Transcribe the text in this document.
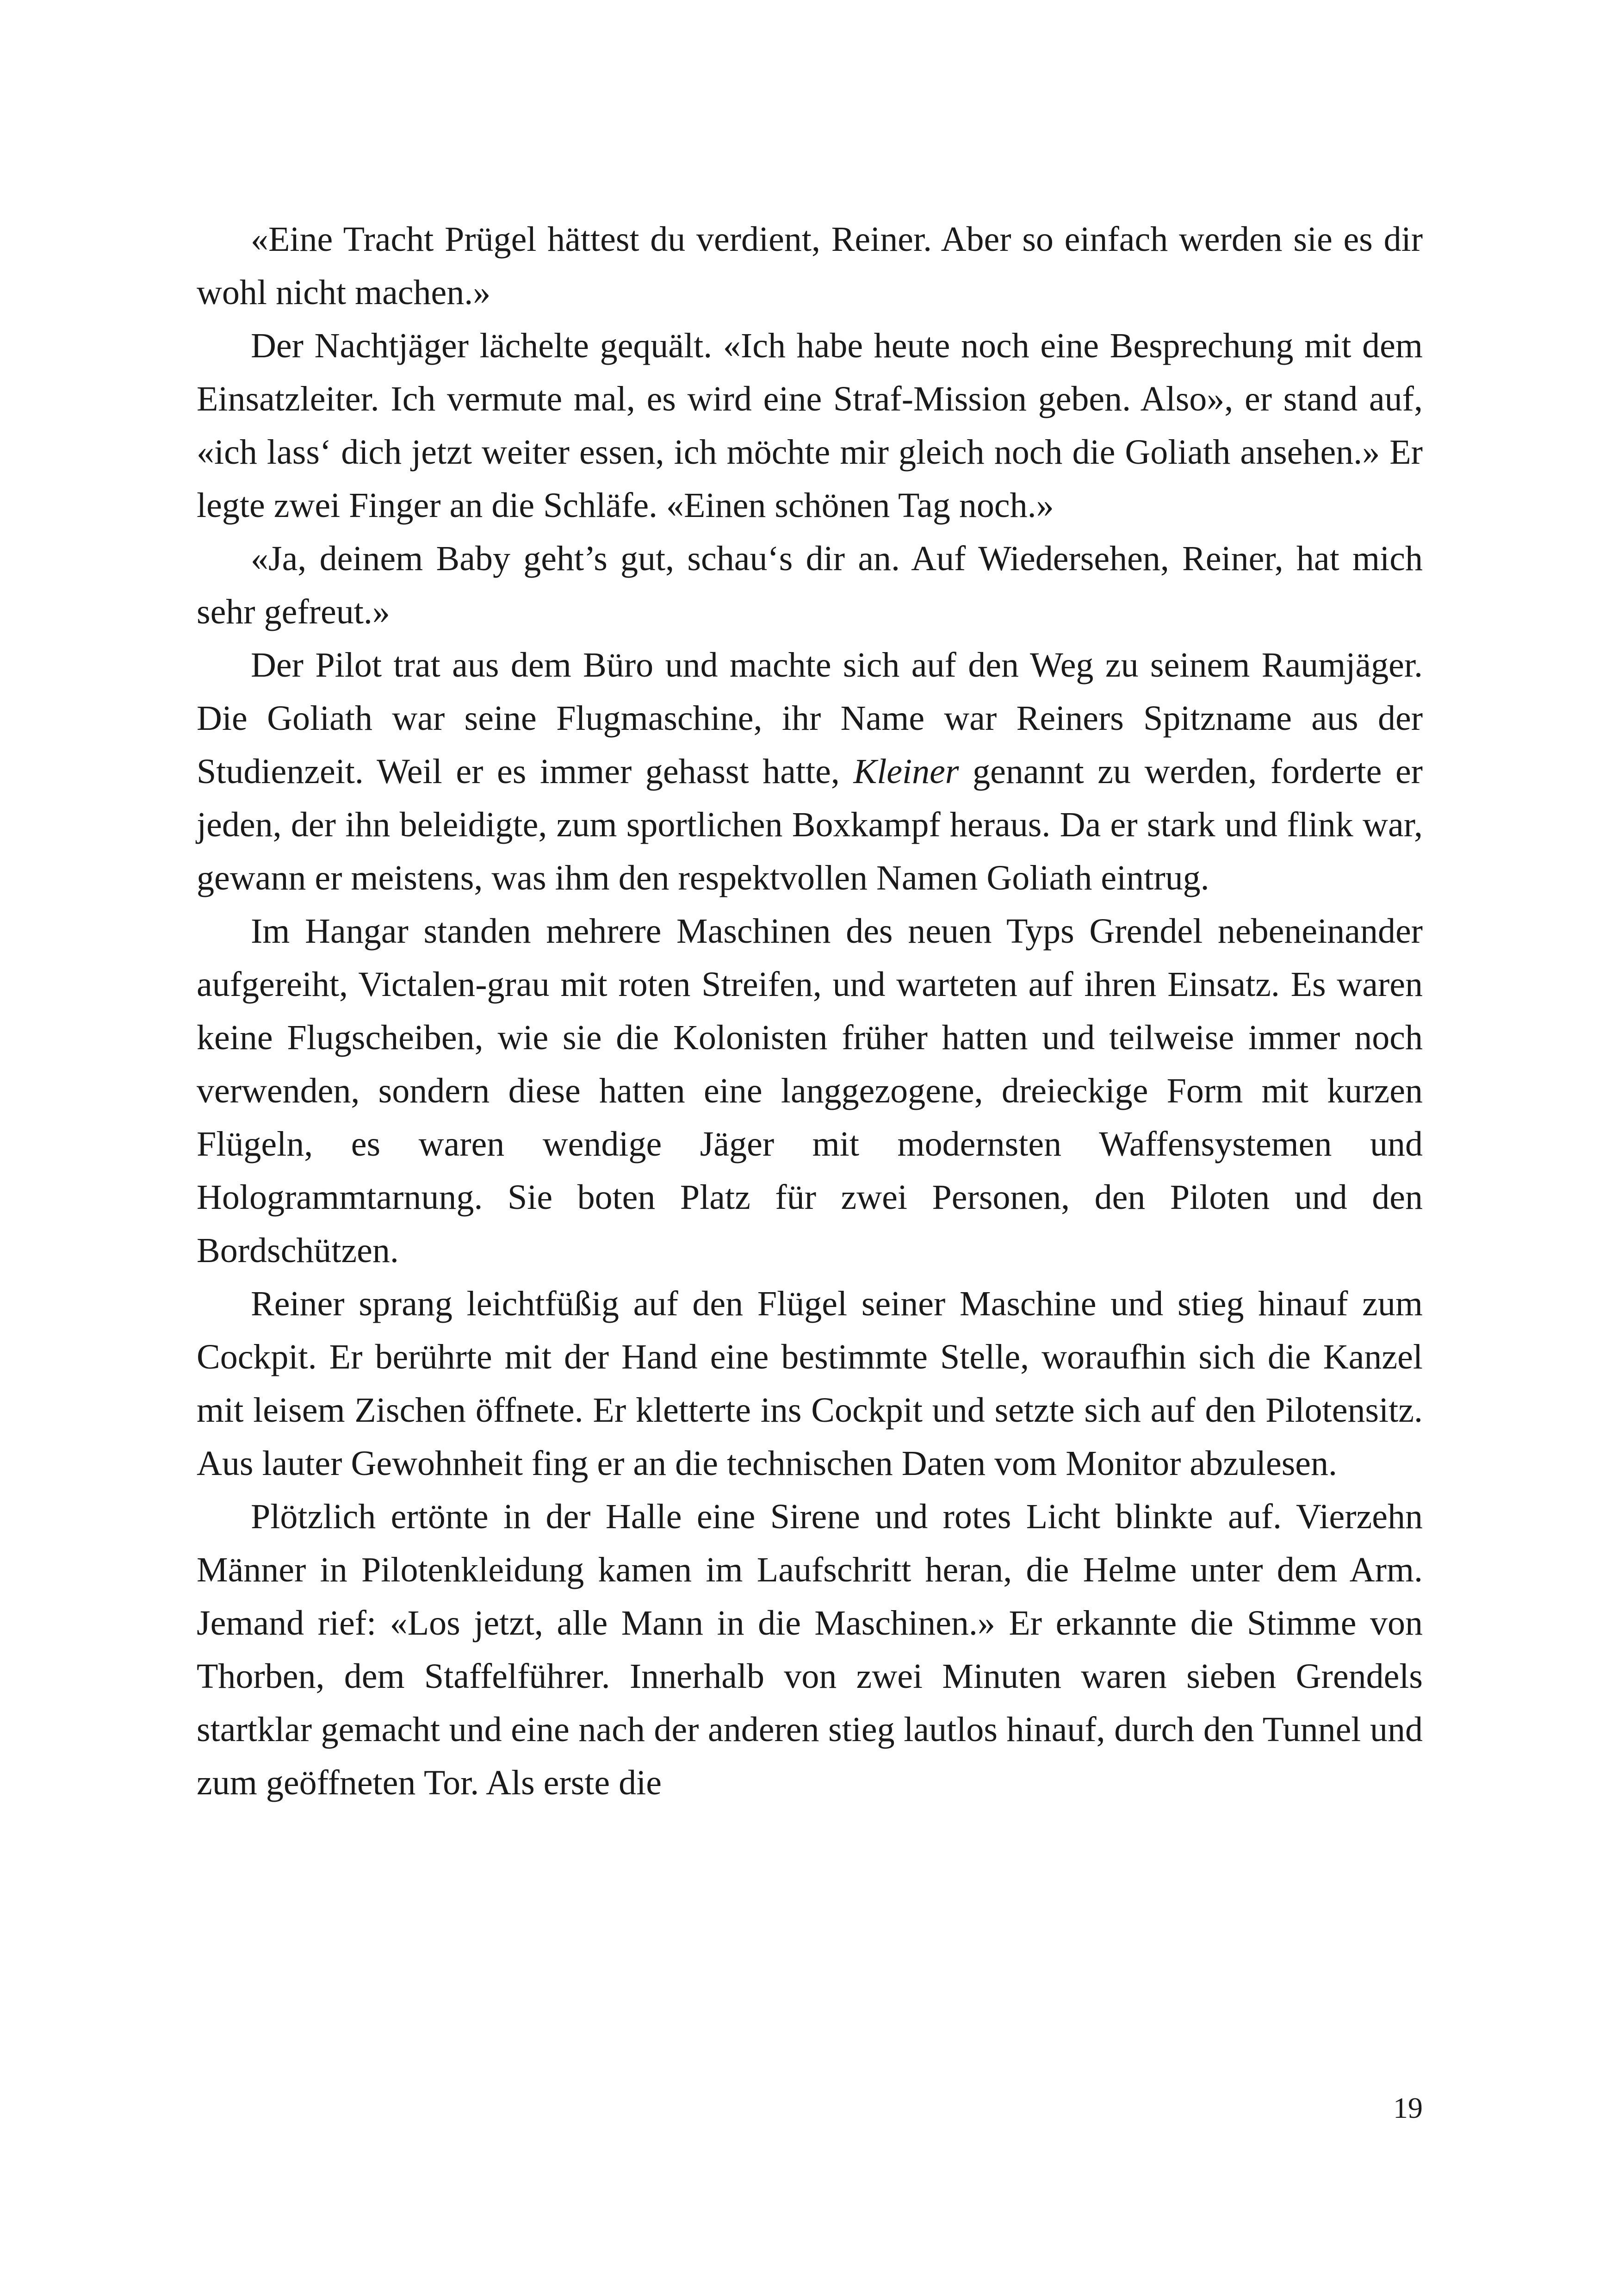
«Eine Tracht Prügel hättest du verdient, Reiner. Aber so einfach werden sie es dir wohl nicht machen.»

Der Nachtjäger lächelte gequält. «Ich habe heute noch eine Besprechung mit dem Einsatzleiter. Ich vermute mal, es wird eine Straf-Mission geben. Also», er stand auf, «ich lass‘ dich jetzt weiter essen, ich möchte mir gleich noch die Goliath ansehen.» Er legte zwei Finger an die Schläfe. «Einen schönen Tag noch.»

«Ja, deinem Baby geht’s gut, schau‘s dir an. Auf Wiedersehen, Reiner, hat mich sehr gefreut.»

Der Pilot trat aus dem Büro und machte sich auf den Weg zu seinem Raumjäger. Die Goliath war seine Flugmaschine, ihr Name war Reiners Spitzname aus der Studienzeit. Weil er es immer gehasst hatte, Kleiner genannt zu werden, forderte er jeden, der ihn beleidigte, zum sportlichen Boxkampf heraus. Da er stark und flink war, gewann er meistens, was ihm den respektvollen Namen Goliath eintrug.

Im Hangar standen mehrere Maschinen des neuen Typs Grendel nebeneinander aufgereiht, Victalen-grau mit roten Streifen, und warteten auf ihren Einsatz. Es waren keine Flugscheiben, wie sie die Kolonisten früher hatten und teilweise immer noch verwenden, sondern diese hatten eine langgezogene, dreieckige Form mit kurzen Flügeln, es waren wendige Jäger mit modernsten Waffensystemen und Hologrammtarnung. Sie boten Platz für zwei Personen, den Piloten und den Bordschützen.

Reiner sprang leichtfüßig auf den Flügel seiner Maschine und stieg hinauf zum Cockpit. Er berührte mit der Hand eine bestimmte Stelle, woraufhin sich die Kanzel mit leisem Zischen öffnete. Er kletterte ins Cockpit und setzte sich auf den Pilotensitz. Aus lauter Gewohnheit fing er an die technischen Daten vom Monitor abzulesen.

Plötzlich ertönte in der Halle eine Sirene und rotes Licht blinkte auf. Vierzehn Männer in Pilotenkleidung kamen im Laufschritt heran, die Helme unter dem Arm. Jemand rief: «Los jetzt, alle Mann in die Maschinen.» Er erkannte die Stimme von Thorben, dem Staffelführer. Innerhalb von zwei Minuten waren sieben Grendels startklar gemacht und eine nach der anderen stieg lautlos hinauf, durch den Tunnel und zum geöffneten Tor. Als erste die

19
